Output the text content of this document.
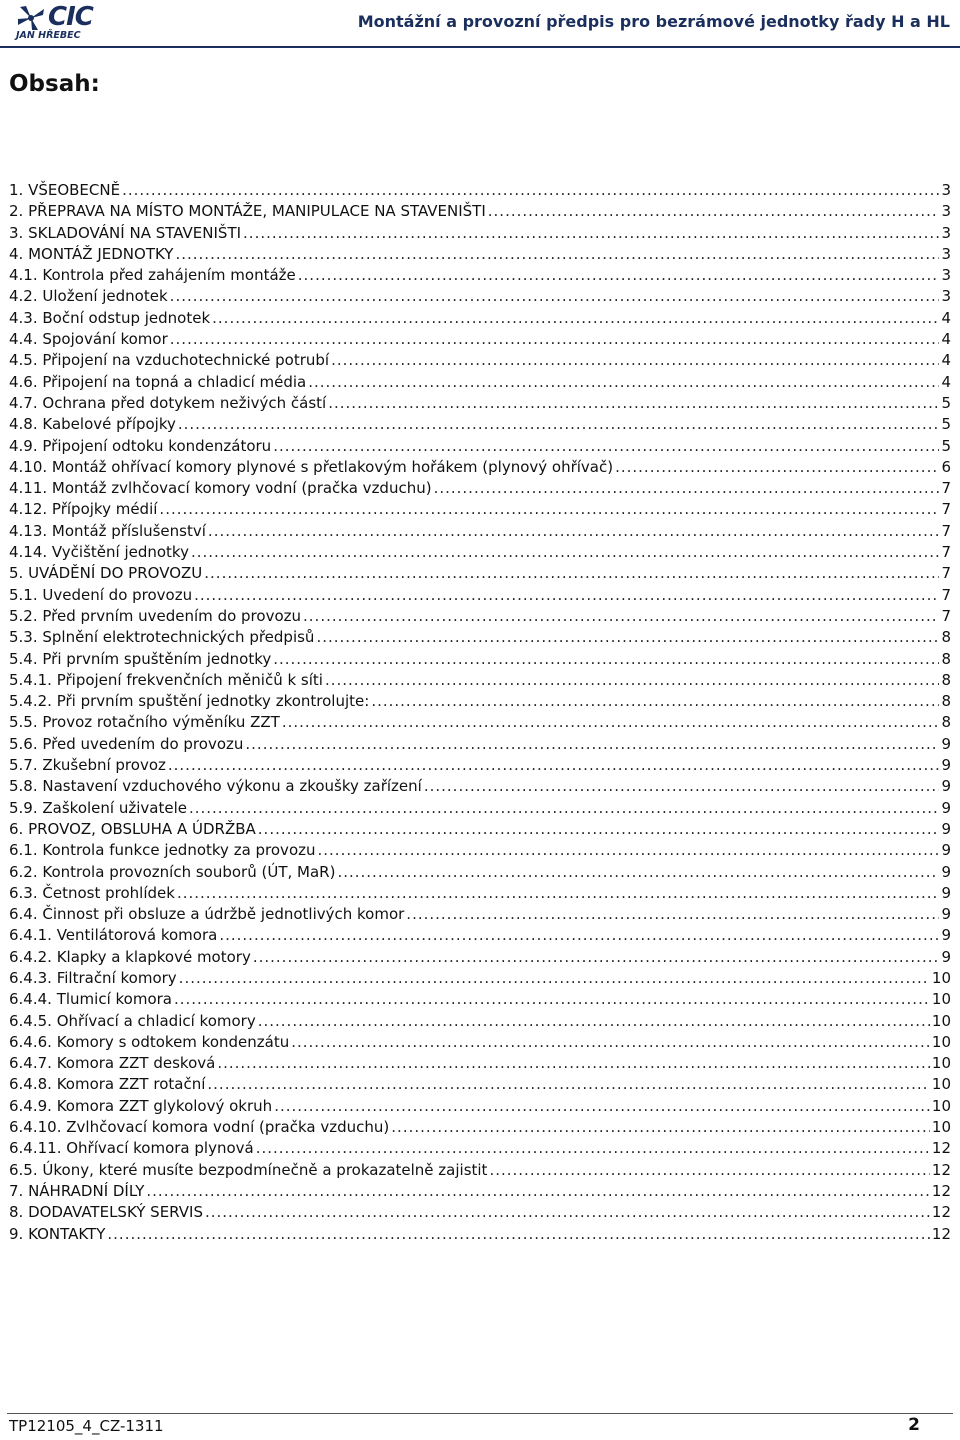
CIC
JAN HŘEBEC
Montážní a provozní předpis pro bezrámové jednotky řady H a HL
Obsah:
1. VŠEOBECNĚ .....	3
2. PŘEPRAVA NA MÍSTO MONTÁŽE, MANIPULACE NA STAVENIŠTI .....	3
3. SKLADOVÁNÍ NA STAVENIŠTI .....	3
4. MONTÁŽ JEDNOTKY .....	3
4.1. Kontrola před zahájením montáže .....	3
4.2. Uložení jednotek .....	3
4.3. Boční odstup jednotek .....	4
4.4. Spojování komor .....	4
4.5. Připojení na vzduchotechnické potrubí .....	4
4.6. Připojení na topná a chladicí média .....	4
4.7. Ochrana před dotykem neživých částí .....	5
4.8. Kabelové přípojky .....	5
4.9. Připojení odtoku kondenzátoru .....	5
4.10. Montáž ohřívací komory plynové s přetlakovým hořákem (plynový ohřívač) .....	6
4.11. Montáž zvlhčovací komory vodní (pračka vzduchu) .....	7
4.12. Přípojky médií .....	7
4.13. Montáž příslušenství .....	7
4.14. Vyčištění jednotky .....	7
5. UVÁDĚNÍ DO PROVOZU .....	7
5.1. Uvedení do provozu .....	7
5.2. Před prvním uvedením do provozu .....	7
5.3. Splnění elektrotechnických předpisů .....	8
5.4. Při prvním spuštěním jednotky .....	8
5.4.1. Připojení frekvenčních měničů k síti .....	8
5.4.2. Při prvním spuštění jednotky zkontrolujte: .....	8
5.5. Provoz rotačního výměníku ZZT .....	8
5.6. Před uvedením do provozu .....	9
5.7. Zkušební provoz .....	9
5.8. Nastavení vzduchového výkonu a zkoušky zařízení .....	9
5.9. Zaškolení uživatele .....	9
6. PROVOZ, OBSLUHA A ÚDRŽBA .....	9
6.1. Kontrola funkce jednotky za provozu .....	9
6.2. Kontrola provozních souborů (ÚT, MaR) .....	9
6.3. Četnost prohlídek .....	9
6.4. Činnost při obsluze a údržbě jednotlivých komor .....	9
6.4.1. Ventilátorová komora .....	9
6.4.2. Klapky a klapkové motory .....	9
6.4.3. Filtrační komory .....	10
6.4.4. Tlumicí komora .....	10
6.4.5. Ohřívací a chladicí komory .....	10
6.4.6. Komory s odtokem kondenzátu .....	10
6.4.7. Komora ZZT desková .....	10
6.4.8. Komora ZZT rotační .....	10
6.4.9. Komora ZZT glykolový okruh .....	10
6.4.10. Zvlhčovací komora vodní (pračka vzduchu) .....	10
6.4.11. Ohřívací komora plynová .....	12
6.5. Úkony, které musíte bezpodmínečně a prokazatelně zajistit .....	12
7. NÁHRADNÍ DÍLY .....	12
8. DODAVATELSKÝ SERVIS .....	12
9. KONTAKTY .....	12
TP12105_4_CZ-1311	2
